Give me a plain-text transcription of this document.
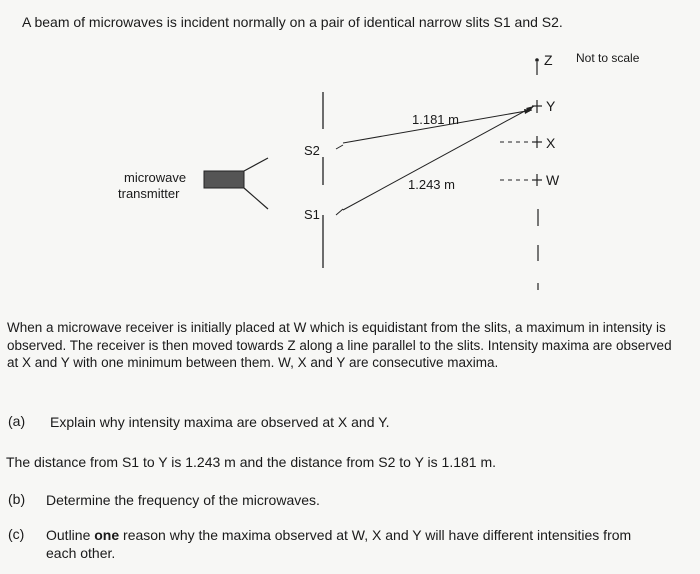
A beam of microwaves is incident normally on a pair of identical narrow slits S1 and S2.
Not to scale
Z
Y
X
W
S2
S1
microwave
transmitter
1.181 m
1.243 m
When a microwave receiver is initially placed at W which is equidistant from the slits, a maximum in intensity is observed. The receiver is then moved towards Z along a line parallel to the slits. Intensity maxima are observed at X and Y with one minimum between them. W, X and Y are consecutive maxima.
(a) Explain why intensity maxima are observed at X and Y.
The distance from S1 to Y is 1.243 m and the distance from S2 to Y is 1.181 m.
(b) Determine the frequency of the microwaves.
(c) Outline one reason why the maxima observed at W, X and Y will have different intensities from each other.
